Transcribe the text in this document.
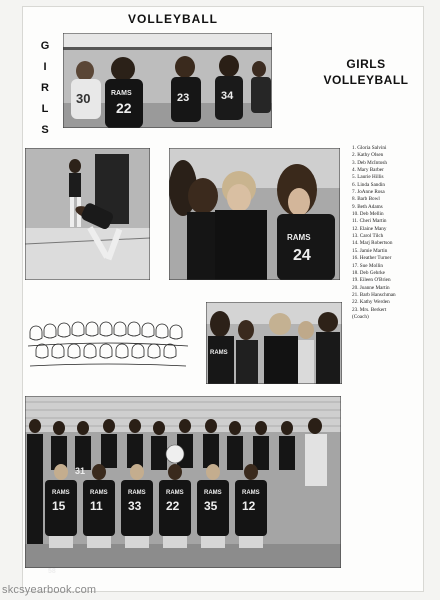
VOLLEYBALL
G
I
R
L
S
GIRLS
VOLLEYBALL
30	RAMS
22
23	34
RAMS
24
1. Gloria Salvini
2. Kathy Olsen
3. Deb McIntosh
4. Mary Barber
5. Laurie Hillis
6. Linda Sandin
7. JoAnne Rosa
8. Barb Bowl
9. Beth Adams
10. Deb Mellin
11. Cheri Martin
12. Elaine Many
13. Carol Tilch
14. Marj Robertson
15. Jamie Martin
16. Heather Turner
17. Sue Mollin
18. Deb Gehrke
19. Eileen O'Brien
20. Joanne Martin
21. Barb Hanschman
22. Kathy Werden
23. Mrs. Berkert
(Coach)
RAMS
31
RAMS
15
RAMS
11
RAMS
33
RAMS
22
RAMS
35
RAMS
12
58
skcsyearbook.com
